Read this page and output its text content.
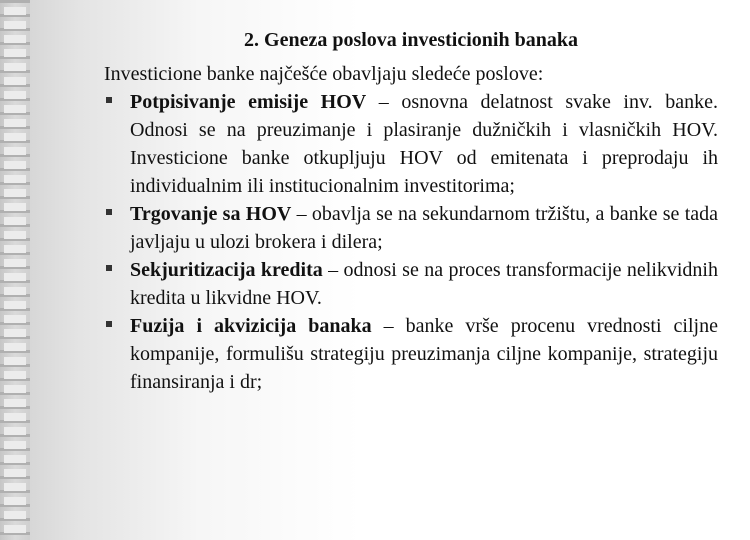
2. Geneza poslova investicionih banaka

Investicione banke najčešće obavljaju sledeće poslove:

Potpisivanje emisije HOV – osnovna delatnost svake inv. banke. Odnosi se na preuzimanje i plasiranje dužničkih i vlasničkih HOV. Investicione banke otkupljuju HOV od emitenata i preprodaju ih individualnim ili institucionalnim investitorima;
Trgovanje sa HOV – obavlja se na sekundarnom tržištu, a banke se tada javljaju u ulozi brokera i dilera;
Sekjuritizacija kredita – odnosi se na proces transformacije nelikvidnih kredita u likvidne HOV.
Fuzija i akvizicija banaka – banke vrše procenu vrednosti ciljne kompanije, formulišu strategiju preuzimanja ciljne kompanije, strategiju finansiranja i dr;
